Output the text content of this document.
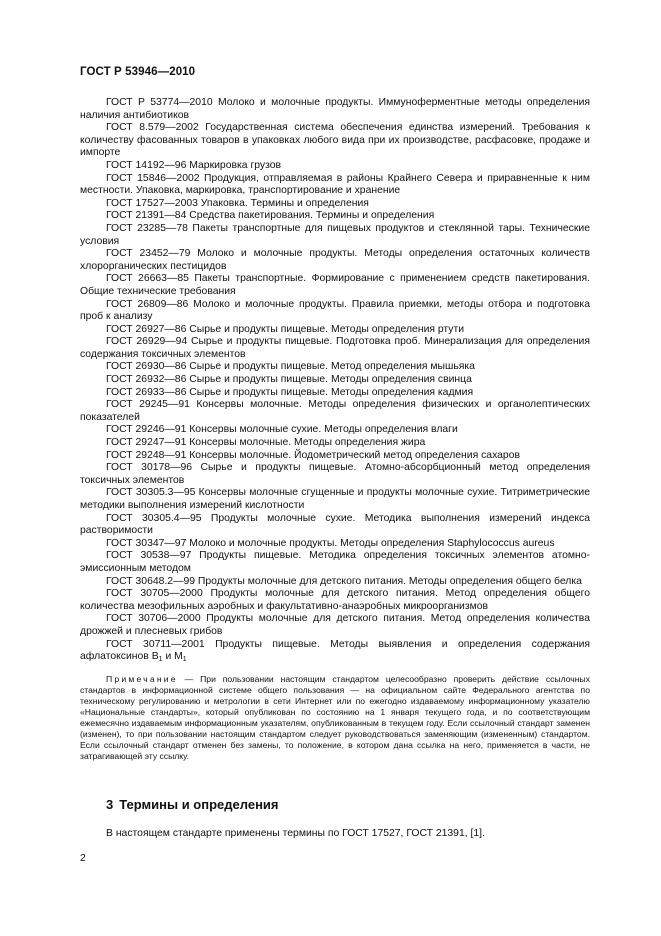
ГОСТ Р 53946—2010

ГОСТ Р 53774—2010 Молоко и молочные продукты. Иммуноферментные методы определения наличия антибиотиков

ГОСТ 8.579—2002 Государственная система обеспечения единства измерений. Требования к количеству фасованных товаров в упаковках любого вида при их производстве, расфасовке, продаже и импорте

ГОСТ 14192—96 Маркировка грузов

ГОСТ 15846—2002 Продукция, отправляемая в районы Крайнего Севера и приравненные к ним местности. Упаковка, маркировка, транспортирование и хранение

ГОСТ 17527—2003 Упаковка. Термины и определения

ГОСТ 21391—84 Средства пакетирования. Термины и определения

ГОСТ 23285—78 Пакеты транспортные для пищевых продуктов и стеклянной тары. Технические условия

ГОСТ 23452—79 Молоко и молочные продукты. Методы определения остаточных количеств хлорорганических пестицидов

ГОСТ 26663—85 Пакеты транспортные. Формирование с применением средств пакетирования. Общие технические требования

ГОСТ 26809—86 Молоко и молочные продукты. Правила приемки, методы отбора и подготовка проб к анализу

ГОСТ 26927—86 Сырье и продукты пищевые. Методы определения ртути

ГОСТ 26929—94 Сырье и продукты пищевые. Подготовка проб. Минерализация для определения содержания токсичных элементов

ГОСТ 26930—86 Сырье и продукты пищевые. Метод определения мышьяка

ГОСТ 26932—86 Сырье и продукты пищевые. Методы определения свинца

ГОСТ 26933—86 Сырье и продукты пищевые. Методы определения кадмия

ГОСТ 29245—91 Консервы молочные. Методы определения физических и органолептических показателей

ГОСТ 29246—91 Консервы молочные сухие. Методы определения влаги

ГОСТ 29247—91 Консервы молочные. Методы определения жира

ГОСТ 29248—91 Консервы молочные. Йодометрический метод определения сахаров

ГОСТ 30178—96 Сырье и продукты пищевые. Атомно-абсорбционный метод определения токсичных элементов

ГОСТ 30305.3—95 Консервы молочные сгущенные и продукты молочные сухие. Титриметрические методики выполнения измерений кислотности

ГОСТ 30305.4—95 Продукты молочные сухие. Методика выполнения измерений индекса растворимости

ГОСТ 30347—97 Молоко и молочные продукты. Методы определения Staphylococcus aureus

ГОСТ 30538—97 Продукты пищевые. Методика определения токсичных элементов атомно-эмиссионным методом

ГОСТ 30648.2—99 Продукты молочные для детского питания. Методы определения общего белка

ГОСТ 30705—2000 Продукты молочные для детского питания. Метод определения общего количества мезофильных аэробных и факультативно-анаэробных микроорганизмов

ГОСТ 30706—2000 Продукты молочные для детского питания. Метод определения количества дрожжей и плесневых грибов

ГОСТ 30711—2001 Продукты пищевые. Методы выявления и определения содержания афлатоксинов $B_1$ и $M_1$

Примечание — При пользовании настоящим стандартом целесообразно проверить действие ссылочных стандартов в информационной системе общего пользования — на официальном сайте Федерального агентства по техническому регулированию и метрологии в сети Интернет или по ежегодно издаваемому информационному указателю «Национальные стандарты», который опубликован по состоянию на 1 января текущего года, и по соответствующим ежемесячно издаваемым информационным указателям, опубликованным в текущем году. Если ссылочный стандарт заменен (изменен), то при пользовании настоящим стандартом следует руководствоваться заменяющим (измененным) стандартом. Если ссылочный стандарт отменен без замены, то положение, в котором дана ссылка на него, применяется в части, не затрагивающей эту ссылку.

3 Термины и определения
В настоящем стандарте применены термины по ГОСТ 17527, ГОСТ 21391, [1].
2
